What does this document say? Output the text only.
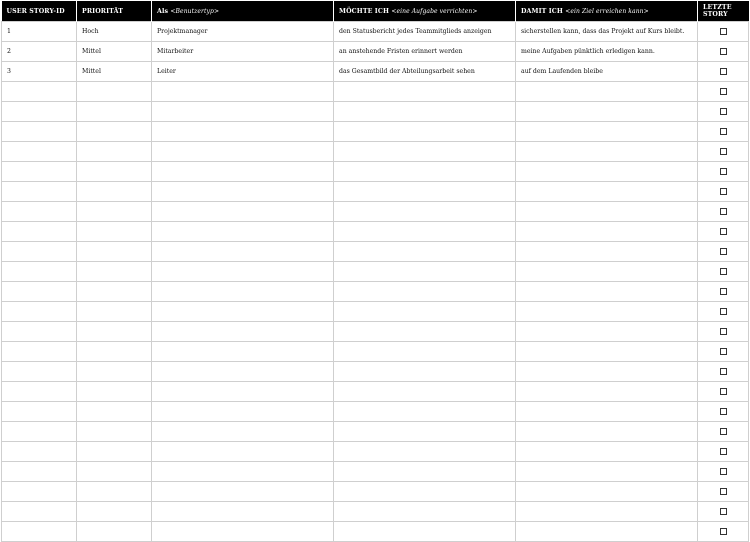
USER STORY-ID	PRIORITÄT	Als <Benutzertyp>	MÖCHTE ICH <eine Aufgabe verrichten>	DAMIT ICH <ein Ziel erreichen kann>	LETZTE STORY
1	Hoch	Projektmanager	den Statusbericht jedes Teammitglieds anzeigen	sicherstellen kann, dass das Projekt auf Kurs bleibt.	
2	Mittel	Mitarbeiter	an anstehende Fristen erinnert werden	meine Aufgaben pünktlich erledigen kann.	
3	Mittel	Leiter	das Gesamtbild der Abteilungsarbeit sehen	auf dem Laufenden bleibe	
